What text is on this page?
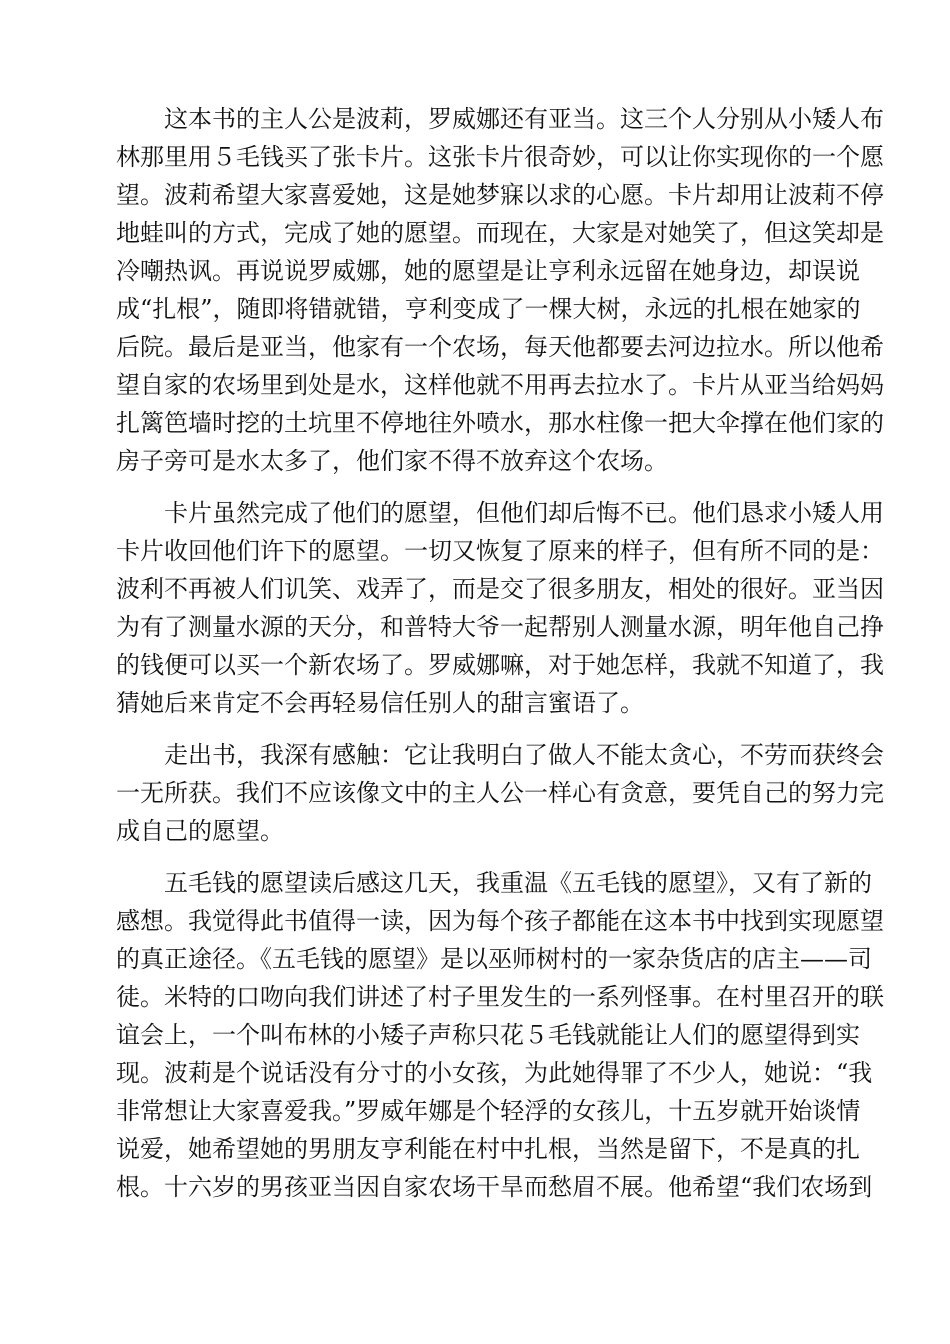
这本书的主人公是波莉，罗威娜还有亚当。这三个人分别从小矮人布
林那里用５毛钱买了张卡片。这张卡片很奇妙，可以让你实现你的一个愿
望。波莉希望大家喜爱她，这是她梦寐以求的心愿。卡片却用让波莉不停
地蛙叫的方式，完成了她的愿望。而现在，大家是对她笑了，但这笑却是
冷嘲热讽。再说说罗威娜，她的愿望是让亨利永远留在她身边，却误说
成“扎根”，随即将错就错，亨利变成了一棵大树，永远的扎根在她家的
后院。最后是亚当，他家有一个农场，每天他都要去河边拉水。所以他希
望自家的农场里到处是水，这样他就不用再去拉水了。卡片从亚当给妈妈
扎篱笆墙时挖的土坑里不停地往外喷水，那水柱像一把大伞撑在他们家的
房子旁可是水太多了，他们家不得不放弃这个农场。
卡片虽然完成了他们的愿望，但他们却后悔不已。他们恳求小矮人用
卡片收回他们许下的愿望。一切又恢复了原来的样子，但有所不同的是：
波利不再被人们讥笑、戏弄了，而是交了很多朋友，相处的很好。亚当因
为有了测量水源的天分，和普特大爷一起帮别人测量水源，明年他自己挣
的钱便可以买一个新农场了。罗威娜嘛，对于她怎样，我就不知道了，我
猜她后来肯定不会再轻易信任别人的甜言蜜语了。
走出书，我深有感触：它让我明白了做人不能太贪心，不劳而获终会
一无所获。我们不应该像文中的主人公一样心有贪意，要凭自己的努力完
成自己的愿望。
五毛钱的愿望读后感这几天，我重温《五毛钱的愿望》，又有了新的
感想。我觉得此书值得一读，因为每个孩子都能在这本书中找到实现愿望
的真正途径。《五毛钱的愿望》是以巫师树村的一家杂货店的店主——司
徒。米特的口吻向我们讲述了村子里发生的一系列怪事。在村里召开的联
谊会上，一个叫布林的小矮子声称只花５毛钱就能让人们的愿望得到实
现。波莉是个说话没有分寸的小女孩，为此她得罪了不少人，她说：“我
非常想让大家喜爱我。”罗威年娜是个轻浮的女孩儿，十五岁就开始谈情
说爱，她希望她的男朋友亨利能在村中扎根，当然是留下，不是真的扎
根。十六岁的男孩亚当因自家农场干旱而愁眉不展。他希望“我们农场到
